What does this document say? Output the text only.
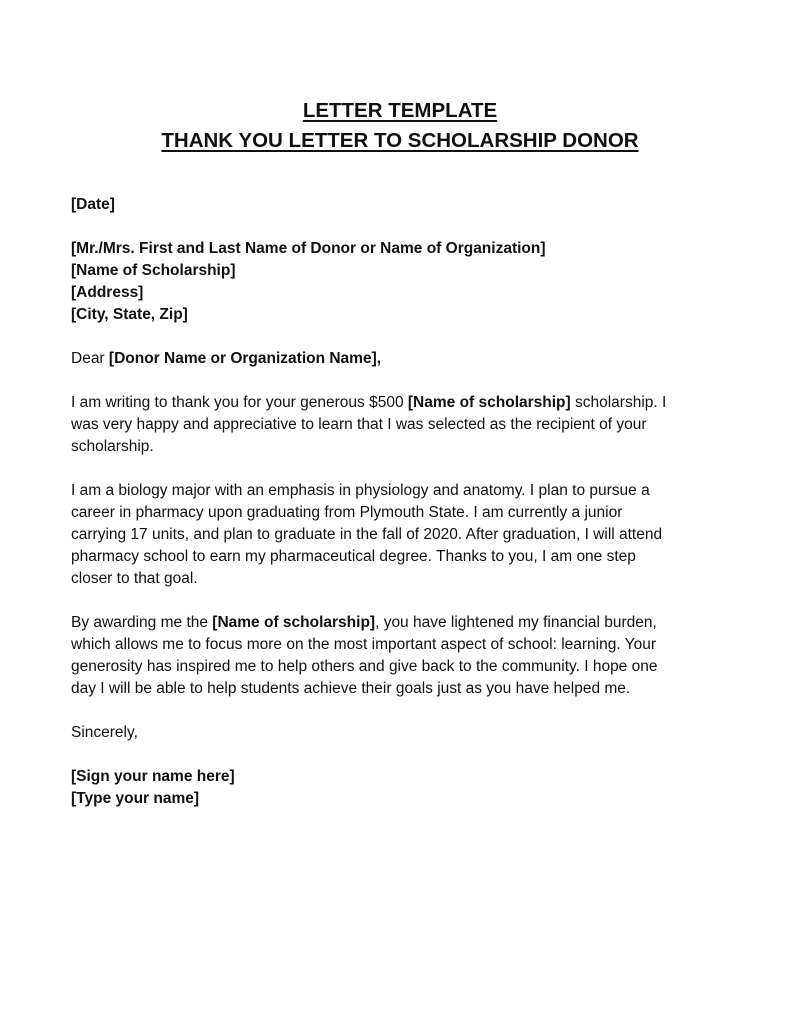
LETTER TEMPLATE

THANK YOU LETTER TO SCHOLARSHIP DONOR

[Date]

[Mr./Mrs. First and Last Name of Donor or Name of Organization]

[Name of Scholarship]

[Address]

[City, State, Zip]

Dear [Donor Name or Organization Name],

I am writing to thank you for your generous $500 [Name of scholarship] scholarship. I

was very happy and appreciative to learn that I was selected as the recipient of your

scholarship.

I am a biology major with an emphasis in physiology and anatomy. I plan to pursue a

career in pharmacy upon graduating from Plymouth State. I am currently a junior

carrying 17 units, and plan to graduate in the fall of 2020. After graduation, I will attend

pharmacy school to earn my pharmaceutical degree. Thanks to you, I am one step

closer to that goal.

By awarding me the [Name of scholarship], you have lightened my financial burden,

which allows me to focus more on the most important aspect of school: learning. Your

generosity has inspired me to help others and give back to the community. I hope one

day I will be able to help students achieve their goals just as you have helped me.

Sincerely,

[Sign your name here]

[Type your name]
